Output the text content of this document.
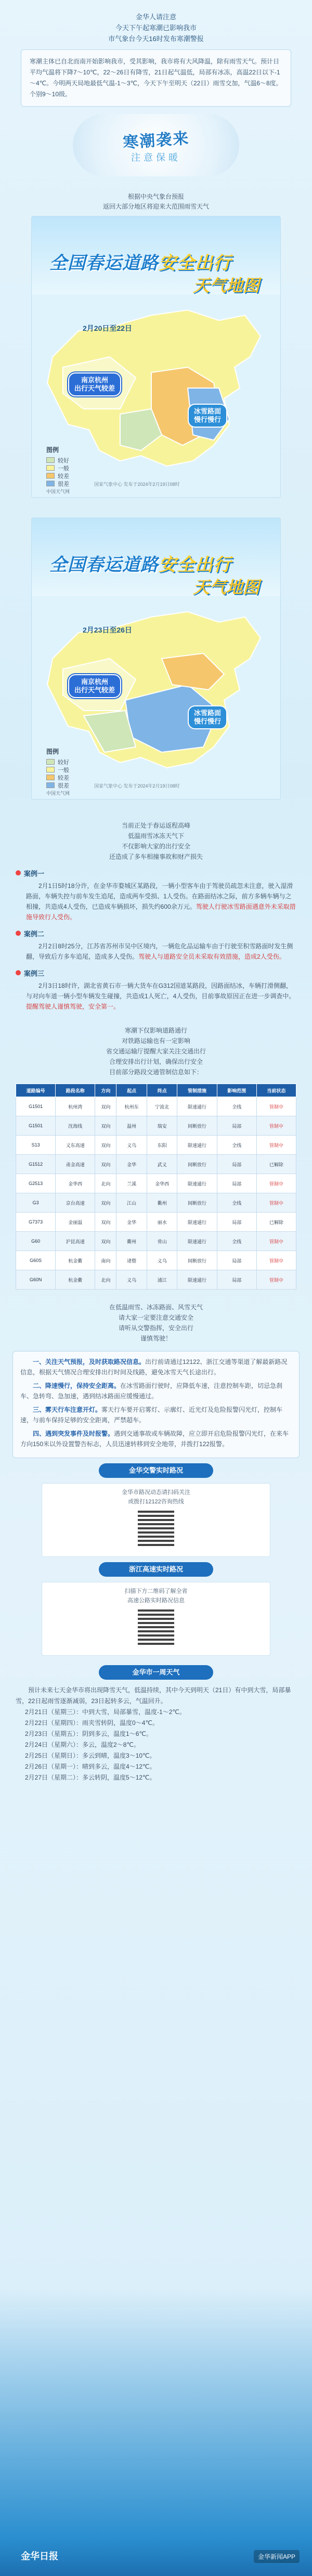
金华人请注意
今天下午起寒潮已影响我市
市气象台今天16时发布寒潮警报
寒潮主体已自北而南开始影响我市，受其影响，我市将有大风降温，除有雨雪天气。预计日平均气温将下降7～10℃，22～26日有降雪，21日起气温低，局部有冰冻，高温22日以下-1～4℃。今明两天局地最低气温-1～3℃，今天下午至明天（22日）雨雪交加，气温6～8度。个别9～10级。
寒潮袭来
注意保暖
根据中央气象台预报
返回大部分地区将迎来大范围雨雪天气
全国春运道路安全出行
天气地图
2月20日至22日
南京杭州
出行天气较差
冰雪路面
慢行慢行
图例
较好
一般
较差
很差	国家气象中心 发布于2024年2月19日08时
中国天气网
全国春运道路安全出行
天气地图
2月23日至26日
南京杭州
出行天气较差
冰雪路面
慢行慢行
图例
较好
一般
较差
很差	国家气象中心 发布于2024年2月19日08时
中国天气网
当前正处于春运返程高峰
低温雨雪冰冻天气下
不仅影响大家的出行安全
还造成了多车相撞事故和财产损失
案例一
2月1日5时18分许，在金华市婺城区某路段，一辆小型客车由于驾驶员疏忽未注意，驶入湿滑路面，车辆失控与前车发生追尾，造成两车受损、1人受伤。在路面结冰之际，前方多辆车辆与之相撞，共造成4人受伤，已造成车辆损坏，损失约600余万元。驾驶人行驶冰雪路面遇意外未采取措施导致行人受伤。
案例二
2月2日8时25分，江苏省苏州市吴中区境内，一辆危化品运输车由于行驶至积雪路面时发生侧翻，导致后方多车追尾，造成多人受伤。驾驶人与道路安全员未采取有效措施，造成2人受伤。
案例三
2月3日18时许，湖北省黄石市一辆大货车在G312国道某路段，因路面结冰，车辆打滑侧翻，与对向车道一辆小型车辆发生碰撞，共造成1人死亡，4人受伤，目前事故原因正在进一步调查中。提醒驾驶人谨慎驾驶，安全第一。
寒潮下仅影响道路通行
对铁路运输也有一定影响
省交通运输厅提醒大家关注交通出行
合理安排出行计划，确保出行安全
目前部分路段交通管制信息如下：
道路编号	路段名称	方向	起点	终点	管制措施	影响范围	当前状态
G1501	杭州湾	双向	杭州东	宁波北	限速通行	全线	管制中
G1501	沈海线	双向	温州	瑞安	间断放行	局部	管制中
S13	义东高速	双向	义乌	东阳	限速通行	全线	管制中
G1512	甬金高速	双向	金华	武义	间断放行	局部	已解除
G2513	金华西	北向	兰溪	金华西	限速通行	局部	管制中
G3	京台高速	双向	江山	衢州	间断放行	全线	管制中
G7373	金丽温	双向	金华	丽水	限速通行	局部	已解除
G60	沪昆高速	双向	衢州	常山	限速通行	全线	管制中
G60S	杭金衢	南向	诸暨	义乌	间断放行	局部	管制中
G60N	杭金衢	北向	义乌	浦江	限速通行	局部	管制中
在低温雨雪、冰冻路面、风雪天气
请大家一定要注意交通安全
请听从交警指挥，安全出行
谨慎驾驶！
一、关注天气预报，及时获取路况信息。出行前请通过12122、浙江交通等渠道了解最新路况信息，根据天气情况合理安排出行时间及线路，避免冰雪天气长途出行。
二、降速慢行，保持安全距离。在冰雪路面行驶时，应降低车速，注意控制车距，切忌急刹车、急转弯、急加速，遇到结冰路面应缓慢通过。
三、雾天行车注意开灯。雾天行车要开启雾灯、示廓灯、近光灯及危险报警闪光灯，控制车速，与前车保持足够的安全距离，严禁超车。
四、遇到突发事件及时报警。遇到交通事故或车辆故障，应立即开启危险报警闪光灯，在来车方向150米以外设置警告标志，人员迅速转移到安全地带，并拨打122报警。
金华交警实时路况
金华市路况动态请扫码关注
或拨打12122咨询热线
浙江高速实时路况
扫描下方二维码了解全省
高速公路实时路况信息
金华市一周天气
预计未来七天金华市将出现降雪天气，低温持续，其中今天到明天（21日）有中到大雪，局部暴雪，22日起雨雪逐渐减弱，23日起转多云，气温回升。
2月21日（星期三）：中到大雪，局部暴雪，温度-1～2℃。
2月22日（星期四）：雨夹雪转阴，温度0～4℃。
2月23日（星期五）：阴到多云，温度1～6℃。
2月24日（星期六）：多云，温度2～8℃。
2月25日（星期日）：多云到晴，温度3～10℃。
2月26日（星期一）：晴到多云，温度4～12℃。
2月27日（星期二）：多云转阴，温度5～12℃。
金华日报	金华新闻APP
